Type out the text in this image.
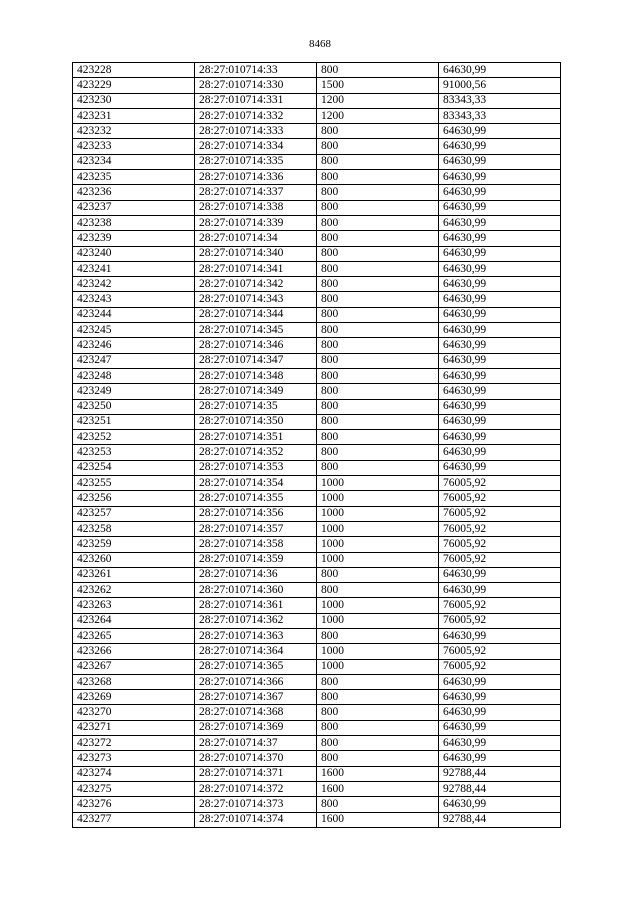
8468
423228	28:27:010714:33	800	64630,99
423229	28:27:010714:330	1500	91000,56
423230	28:27:010714:331	1200	83343,33
423231	28:27:010714:332	1200	83343,33
423232	28:27:010714:333	800	64630,99
423233	28:27:010714:334	800	64630,99
423234	28:27:010714:335	800	64630,99
423235	28:27:010714:336	800	64630,99
423236	28:27:010714:337	800	64630,99
423237	28:27:010714:338	800	64630,99
423238	28:27:010714:339	800	64630,99
423239	28:27:010714:34	800	64630,99
423240	28:27:010714:340	800	64630,99
423241	28:27:010714:341	800	64630,99
423242	28:27:010714:342	800	64630,99
423243	28:27:010714:343	800	64630,99
423244	28:27:010714:344	800	64630,99
423245	28:27:010714:345	800	64630,99
423246	28:27:010714:346	800	64630,99
423247	28:27:010714:347	800	64630,99
423248	28:27:010714:348	800	64630,99
423249	28:27:010714:349	800	64630,99
423250	28:27:010714:35	800	64630,99
423251	28:27:010714:350	800	64630,99
423252	28:27:010714:351	800	64630,99
423253	28:27:010714:352	800	64630,99
423254	28:27:010714:353	800	64630,99
423255	28:27:010714:354	1000	76005,92
423256	28:27:010714:355	1000	76005,92
423257	28:27:010714:356	1000	76005,92
423258	28:27:010714:357	1000	76005,92
423259	28:27:010714:358	1000	76005,92
423260	28:27:010714:359	1000	76005,92
423261	28:27:010714:36	800	64630,99
423262	28:27:010714:360	800	64630,99
423263	28:27:010714:361	1000	76005,92
423264	28:27:010714:362	1000	76005,92
423265	28:27:010714:363	800	64630,99
423266	28:27:010714:364	1000	76005,92
423267	28:27:010714:365	1000	76005,92
423268	28:27:010714:366	800	64630,99
423269	28:27:010714:367	800	64630,99
423270	28:27:010714:368	800	64630,99
423271	28:27:010714:369	800	64630,99
423272	28:27:010714:37	800	64630,99
423273	28:27:010714:370	800	64630,99
423274	28:27:010714:371	1600	92788,44
423275	28:27:010714:372	1600	92788,44
423276	28:27:010714:373	800	64630,99
423277	28:27:010714:374	1600	92788,44
